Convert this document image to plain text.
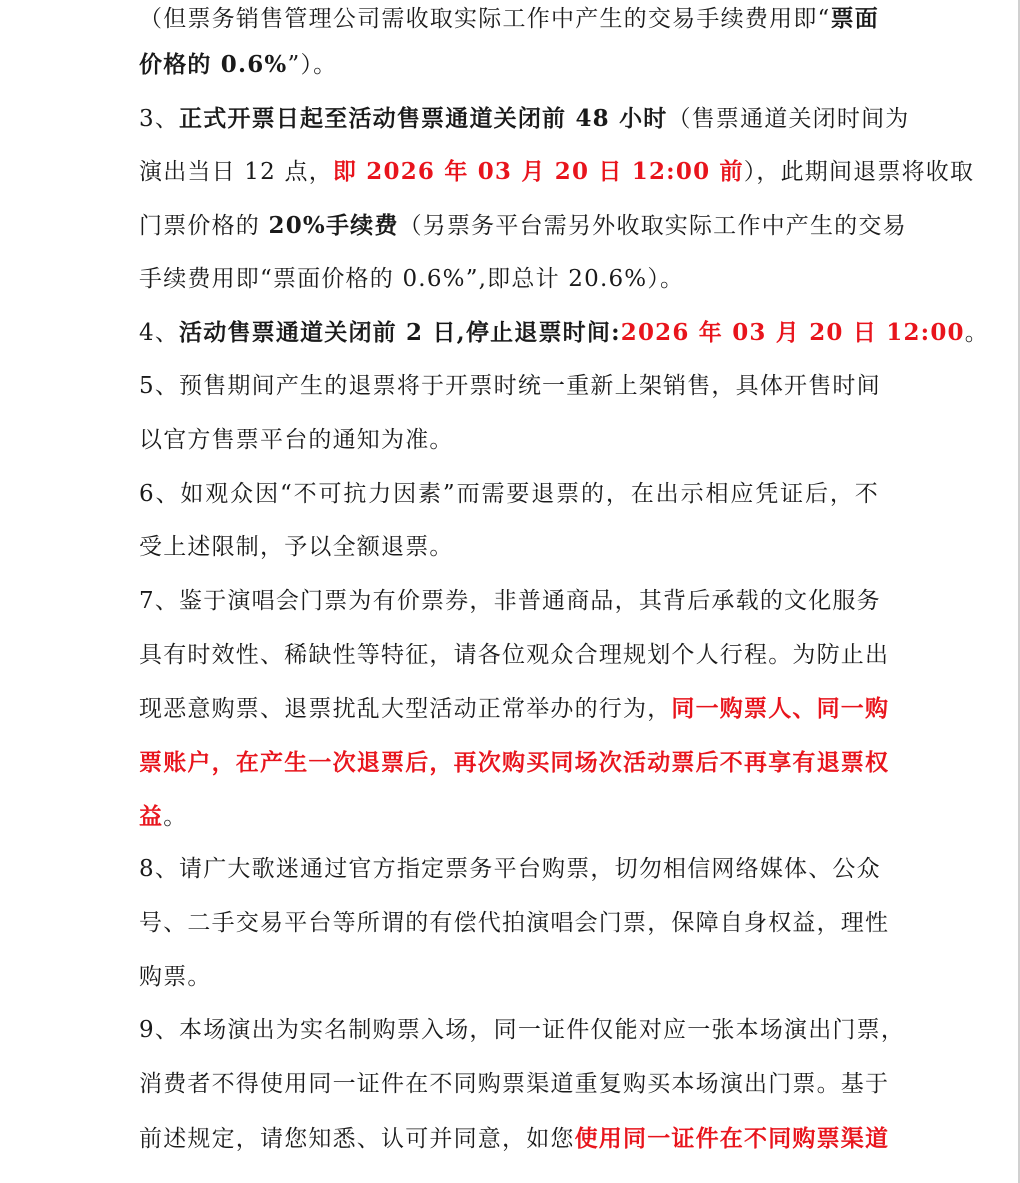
（但票务销售管理公司需收取实际工作中产生的交易手续费用即“票面
价格的 0.6%”）。
3、正式开票日起至活动售票通道关闭前 48 小时（售票通道关闭时间为
演出当日 12 点，即 2026 年 03 月 20 日 12:00 前），此期间退票将收取
门票价格的 20%手续费（另票务平台需另外收取实际工作中产生的交易
手续费用即“票面价格的 0.6%”,即总计 20.6%）。
4、活动售票通道关闭前 2 日,停止退票时间:2026 年 03 月 20 日 12:00。
5、预售期间产生的退票将于开票时统一重新上架销售，具体开售时间
以官方售票平台的通知为准。
6、如观众因“不可抗力因素”而需要退票的，在出示相应凭证后，不
受上述限制，予以全额退票。
7、鉴于演唱会门票为有价票券，非普通商品，其背后承载的文化服务
具有时效性、稀缺性等特征，请各位观众合理规划个人行程。为防止出
现恶意购票、退票扰乱大型活动正常举办的行为，同一购票人、同一购
票账户，在产生一次退票后，再次购买同场次活动票后不再享有退票权
益。
8、请广大歌迷通过官方指定票务平台购票，切勿相信网络媒体、公众
号、二手交易平台等所谓的有偿代拍演唱会门票，保障自身权益，理性
购票。
9、本场演出为实名制购票入场，同一证件仅能对应一张本场演出门票，
消费者不得使用同一证件在不同购票渠道重复购买本场演出门票。基于
前述规定，请您知悉、认可并同意，如您使用同一证件在不同购票渠道
